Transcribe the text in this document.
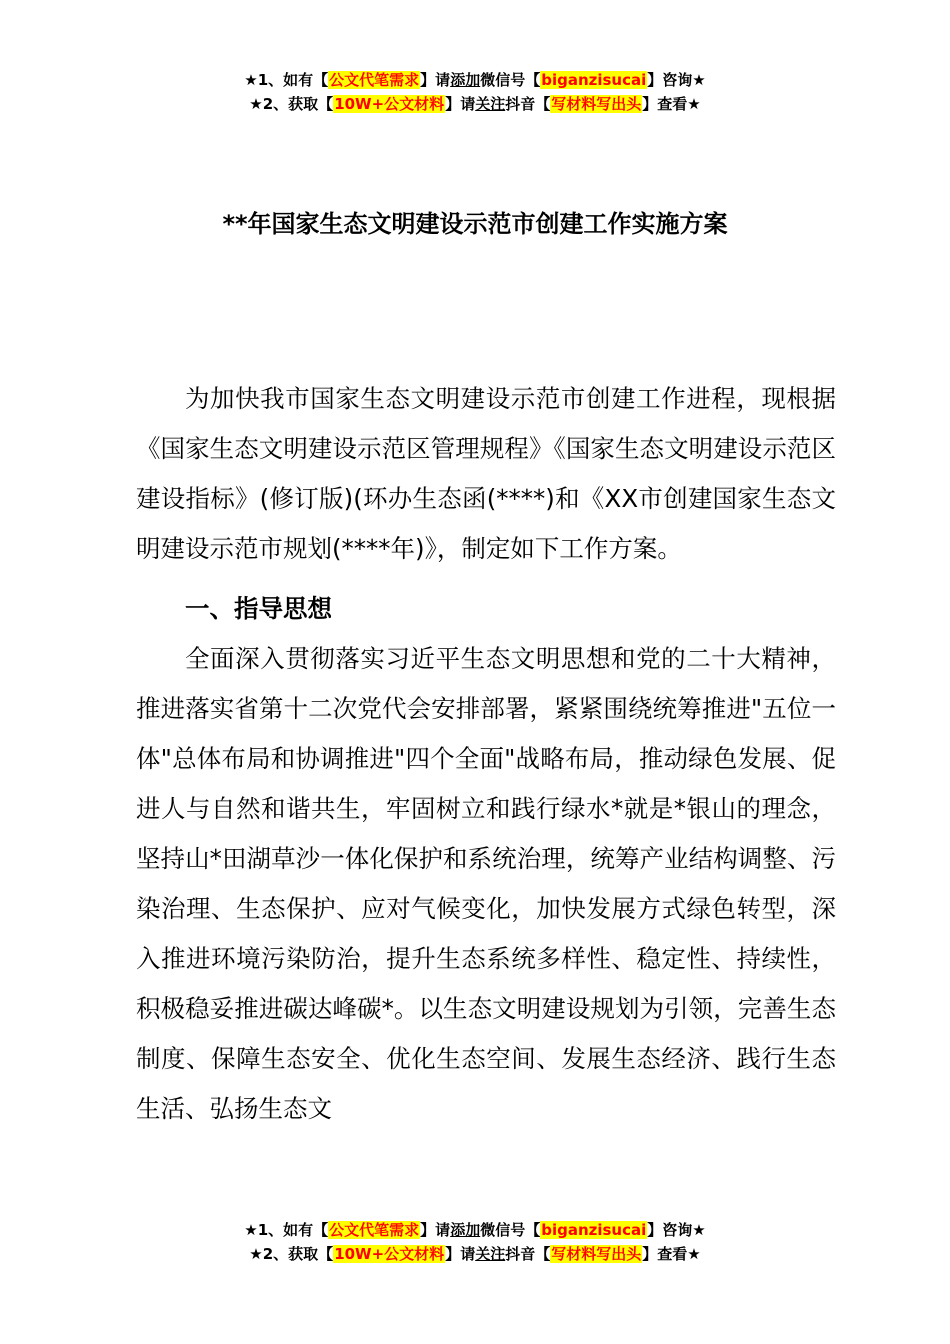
★1、如有【公文代笔需求】请添加微信号【biganzisucai】咨询★
★2、获取【10W+公文材料】请关注抖音【写材料写出头】查看★
**年国家生态文明建设示范市创建工作实施方案

为加快我市国家生态文明建设示范市创建工作进程，现根据《国家生态文明建设示范区管理规程》《国家生态文明建设示范区建设指标》(修订版)(环办生态函(****)和《XX市创建国家生态文明建设示范市规划(****年)》，制定如下工作方案。

一、指导思想

全面深入贯彻落实习近平生态文明思想和党的二十大精神，推进落实省第十二次党代会安排部署，紧紧围绕统筹推进"五位一体"总体布局和协调推进"四个全面"战略布局，推动绿色发展、促进人与自然和谐共生，牢固树立和践行绿水*就是*银山的理念，坚持山*田湖草沙一体化保护和系统治理，统筹产业结构调整、污染治理、生态保护、应对气候变化，加快发展方式绿色转型，深入推进环境污染防治，提升生态系统多样性、稳定性、持续性，积极稳妥推进碳达峰碳*。以生态文明建设规划为引领，完善生态制度、保障生态安全、优化生态空间、发展生态经济、践行生态生活、弘扬生态文

★1、如有【公文代笔需求】请添加微信号【biganzisucai】咨询★
★2、获取【10W+公文材料】请关注抖音【写材料写出头】查看★
